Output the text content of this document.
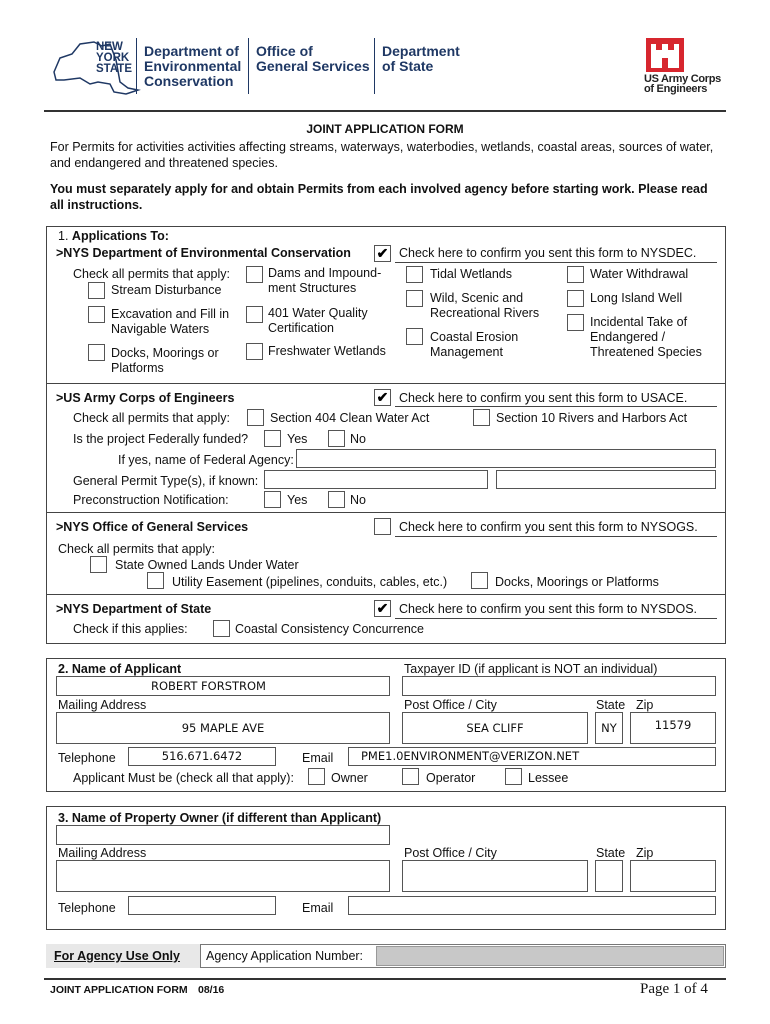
NEW
YORK
STATE
Department of
Environmental
Conservation
Office of
General Services
Department
of State
US Army Corps
of Engineers
JOINT APPLICATION FORM
For Permits for activities activities affecting streams, waterways, waterbodies, wetlands, coastal areas, sources of water,
and endangered and threatened species.
You must separately apply for and obtain Permits from each involved agency before starting work. Please read
all instructions.
1. Applications To:
>NYS Department of Environmental Conservation ✔ Check here to confirm you sent this form to NYSDEC.
Check all permits that apply:
Stream Disturbance
Excavation and Fill in
Navigable Waters
Docks, Moorings or
Platforms
Dams and Impound-
ment Structures
401 Water Quality
Certification
Freshwater Wetlands
Tidal Wetlands
Wild, Scenic and
Recreational Rivers
Coastal Erosion
Management
Water Withdrawal
Long Island Well
Incidental Take of
Endangered /
Threatened Species
>US Army Corps of Engineers	✔ Check here to confirm you sent this form to USACE.
Check all permits that apply:	Section 404 Clean Water Act	Section 10 Rivers and Harbors Act
Is the project Federally funded?	Yes	No
If yes, name of Federal Agency:
General Permit Type(s), if known:
Preconstruction Notification:	Yes	No
>NYS Office of General Services	Check here to confirm you sent this form to NYSOGS.
Check all permits that apply:
State Owned Lands Under Water
Utility Easement (pipelines, conduits, cables, etc.)	Docks, Moorings or Platforms
>NYS Department of State	✔ Check here to confirm you sent this form to NYSDOS.
Check if this applies:	Coastal Consistency Concurrence
2. Name of Applicant	Taxpayer ID (if applicant is NOT an individual)
ROBERT FORSTROM
Mailing Address	Post Office / City	State Zip
95 MAPLE AVE	SEA CLIFF	NY	11579
Telephone	516.671.6472	Email	PME1.0ENVIRONMENT@VERIZON.NET
Applicant Must be (check all that apply):	Owner	Operator	Lessee
3. Name of Property Owner (if different than Applicant)
Mailing Address	Post Office / City	State Zip
Telephone	Email
For Agency Use Only Agency Application Number:
JOINT APPLICATION FORM 08/16	Page 1 of 4
